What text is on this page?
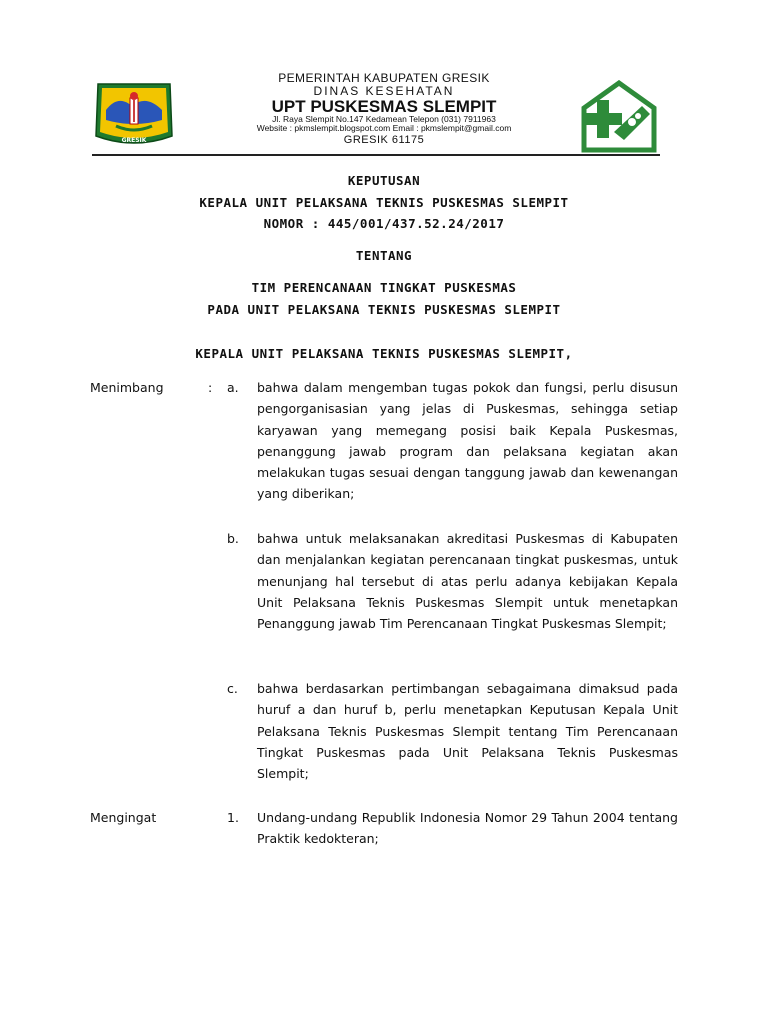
GRESIK
PEMERINTAH KABUPATEN GRESIK
DINAS KESEHATAN
UPT PUSKESMAS SLEMPIT
Jl. Raya Slempit No.147 Kedamean Telepon (031) 7911963
Website : pkmslempit.blogspot.com Email : pkmslempit@gmail.com
GRESIK 61175
KEPUTUSAN
KEPALA UNIT PELAKSANA TEKNIS PUSKESMAS SLEMPIT
NOMOR : 445/001/437.52.24/2017
TENTANG
TIM PERENCANAAN TINGKAT PUSKESMAS
PADA UNIT PELAKSANA TEKNIS PUSKESMAS SLEMPIT
KEPALA UNIT PELAKSANA TEKNIS PUSKESMAS SLEMPIT,
Menimbang	: a. bahwa dalam mengemban tugas pokok dan fungsi, perlu disusun pengorganisasian yang jelas di Puskesmas, sehingga setiap karyawan yang memegang posisi baik Kepala Puskesmas, penanggung jawab program dan pelaksana kegiatan akan melakukan tugas sesuai dengan tanggung jawab dan kewenangan yang diberikan;
b. bahwa untuk melaksanakan akreditasi Puskesmas di Kabupaten dan menjalankan kegiatan perencanaan tingkat puskesmas, untuk menunjang hal tersebut di atas perlu adanya kebijakan Kepala Unit Pelaksana Teknis Puskesmas Slempit untuk menetapkan Penanggung jawab Tim Perencanaan Tingkat Puskesmas Slempit;
c. bahwa berdasarkan pertimbangan sebagaimana dimaksud pada huruf a dan huruf b, perlu menetapkan Keputusan Kepala Unit Pelaksana Teknis Puskesmas Slempit tentang Tim Perencanaan Tingkat Puskesmas pada Unit Pelaksana Teknis Puskesmas Slempit;
Mengingat	1. Undang-undang Republik Indonesia Nomor 29 Tahun 2004 tentang Praktik kedokteran;
